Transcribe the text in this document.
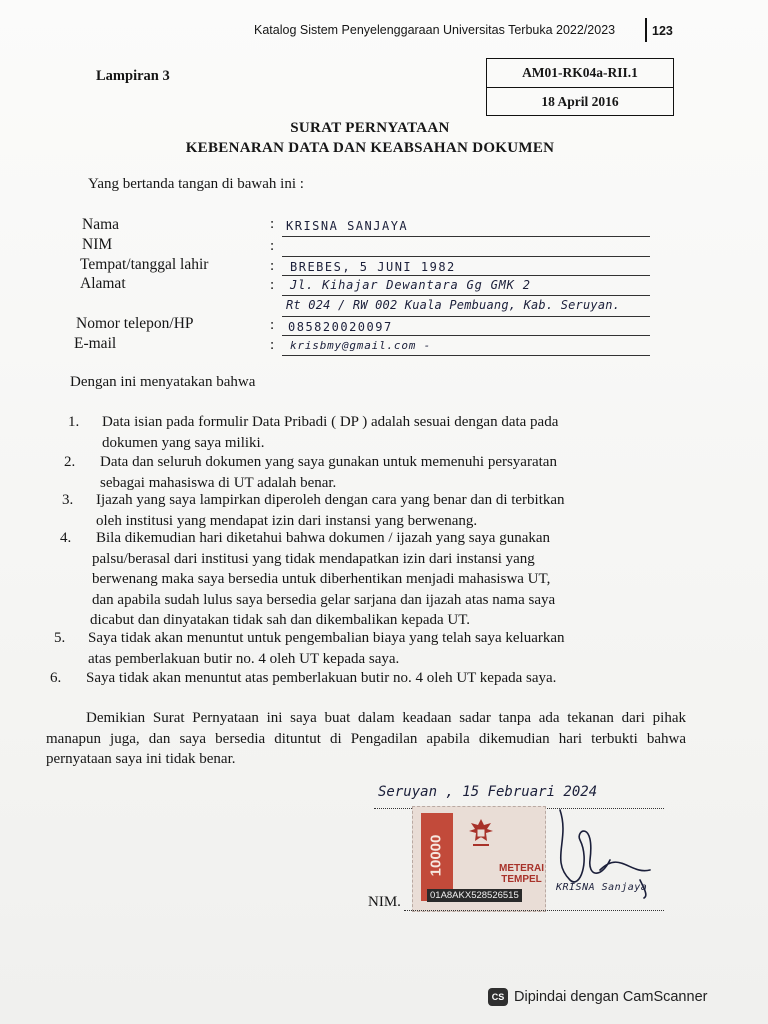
Katalog Sistem Penyelenggaraan Universitas Terbuka 2022/2023	123
Lampiran 3	AM01-RK04a-RII.1
18 April 2016
SURAT PERNYATAAN
KEBENARAN DATA DAN KEABSAHAN DOKUMEN
Yang bertanda tangan di bawah ini :
Nama	: KRISNA SANJAYA
NIM	:
Tempat/tanggal lahir	: BREBES, 5 JUNI 1982
Alamat	: Jl. Kihajar Dewantara Gg GMK 2
Rt 024 / RW 002 Kuala Pembuang, Kab. Seruyan.
Nomor telepon/HP	: 085820020097
E-mail	: krisbmy@gmail.com -
Dengan ini menyatakan bahwa
1. Data isian pada formulir Data Pribadi ( DP ) adalah sesuai dengan data pada
dokumen yang saya miliki.
2. Data dan seluruh dokumen yang saya gunakan untuk memenuhi persyaratan
sebagai mahasiswa di UT adalah benar.
3. Ijazah yang saya lampirkan diperoleh dengan cara yang benar dan di terbitkan
oleh institusi yang mendapat izin dari instansi yang berwenang.
4. Bila dikemudian hari diketahui bahwa dokumen / ijazah yang saya gunakan
palsu/berasal dari institusi yang tidak mendapatkan izin dari instansi yang
berwenang maka saya bersedia untuk diberhentikan menjadi mahasiswa UT,
dan apabila sudah lulus saya bersedia gelar sarjana dan ijazah atas nama saya
dicabut dan dinyatakan tidak sah dan dikembalikan kepada UT.
5. Saya tidak akan menuntut untuk pengembalian biaya yang telah saya keluarkan
atas pemberlakuan butir no. 4 oleh UT kepada saya.
6. Saya tidak akan menuntut atas pemberlakuan butir no. 4 oleh UT kepada saya.
Demikian Surat Pernyataan ini saya buat dalam keadaan sadar tanpa ada tekanan dari pihak manapun juga, dan saya bersedia dituntut di Pengadilan apabila dikemudian hari terbukti bahwa pernyataan saya ini tidak benar.
Seruyan , 15 Februari 2024
10000	METERAI
TEMPEL
01A8AKX528526515
KRISNA Sanjaya
NIM.
CS Dipindai dengan CamScanner
